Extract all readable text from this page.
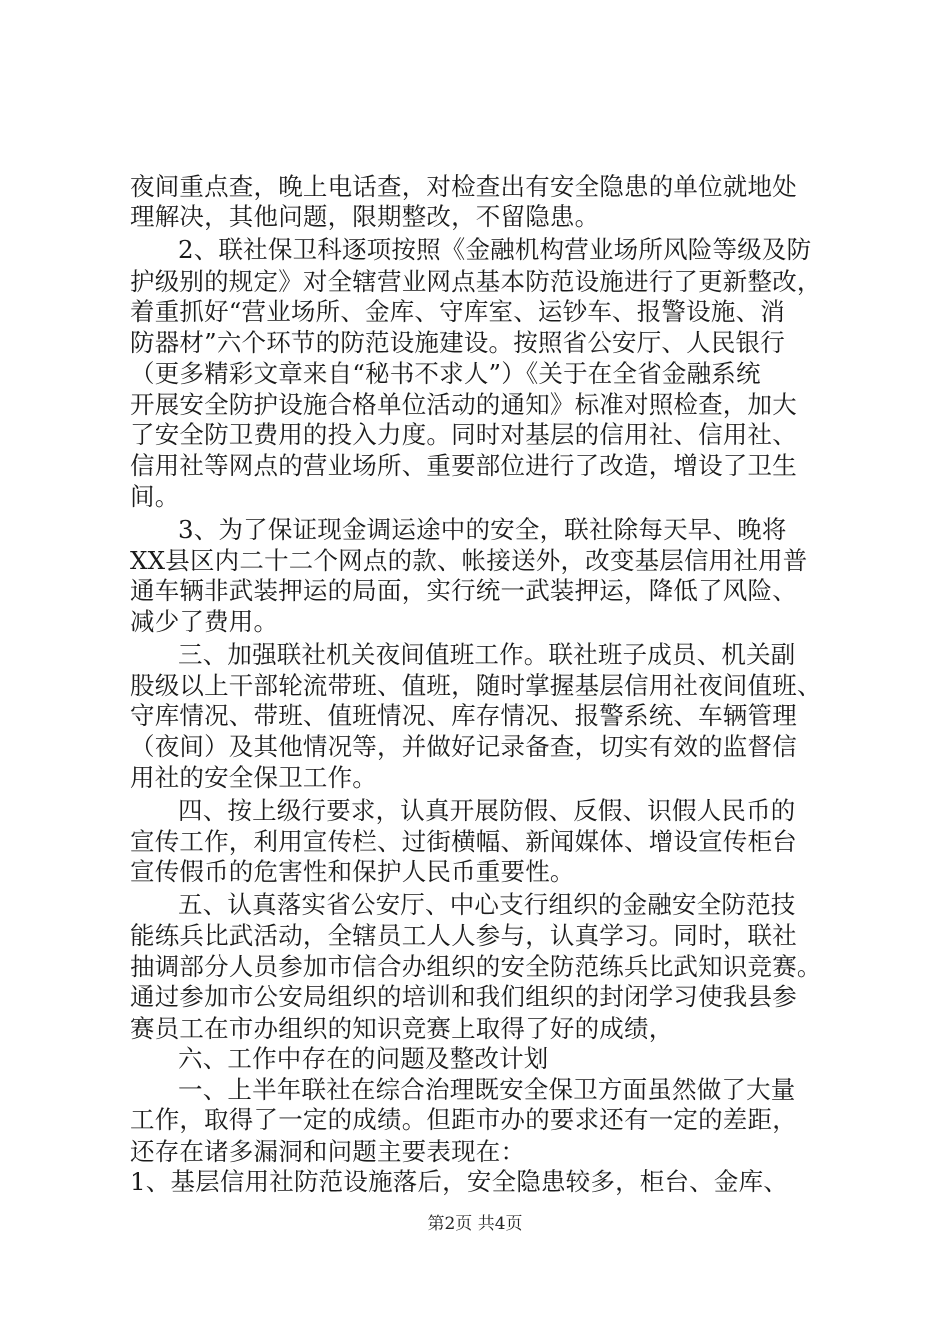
夜间重点查，晚上电话查，对检查出有安全隐患的单位就地处
理解决，其他问题，限期整改，不留隐患。
2、联社保卫科逐项按照《金融机构营业场所风险等级及防
护级别的规定》对全辖营业网点基本防范设施进行了更新整改，
着重抓好“营业场所、金库、守库室、运钞车、报警设施、消
防器材”六个环节的防范设施建设。按照省公安厅、人民银行
（更多精彩文章来自“秘书不求人”）《关于在全省金融系统
开展安全防护设施合格单位活动的通知》标准对照检查，加大
了安全防卫费用的投入力度。同时对基层的信用社、信用社、
信用社等网点的营业场所、重要部位进行了改造，增设了卫生
间。
3、为了保证现金调运途中的安全，联社除每天早、晚将
XX县区内二十二个网点的款、帐接送外，改变基层信用社用普
通车辆非武装押运的局面，实行统一武装押运，降低了风险、
减少了费用。
三、加强联社机关夜间值班工作。联社班子成员、机关副
股级以上干部轮流带班、值班，随时掌握基层信用社夜间值班、
守库情况、带班、值班情况、库存情况、报警系统、车辆管理
（夜间）及其他情况等，并做好记录备查，切实有效的监督信
用社的安全保卫工作。
四、按上级行要求，认真开展防假、反假、识假人民币的
宣传工作，利用宣传栏、过街横幅、新闻媒体、增设宣传柜台
宣传假币的危害性和保护人民币重要性。
五、认真落实省公安厅、中心支行组织的金融安全防范技
能练兵比武活动，全辖员工人人参与，认真学习。同时，联社
抽调部分人员参加市信合办组织的安全防范练兵比武知识竞赛。
通过参加市公安局组织的培训和我们组织的封闭学习使我县参
赛员工在市办组织的知识竞赛上取得了好的成绩，
六、工作中存在的问题及整改计划
一、上半年联社在综合治理既安全保卫方面虽然做了大量
工作，取得了一定的成绩。但距市办的要求还有一定的差距，
还存在诸多漏洞和问题主要表现在：
1、基层信用社防范设施落后，安全隐患较多，柜台、金库、
第2页 共4页
